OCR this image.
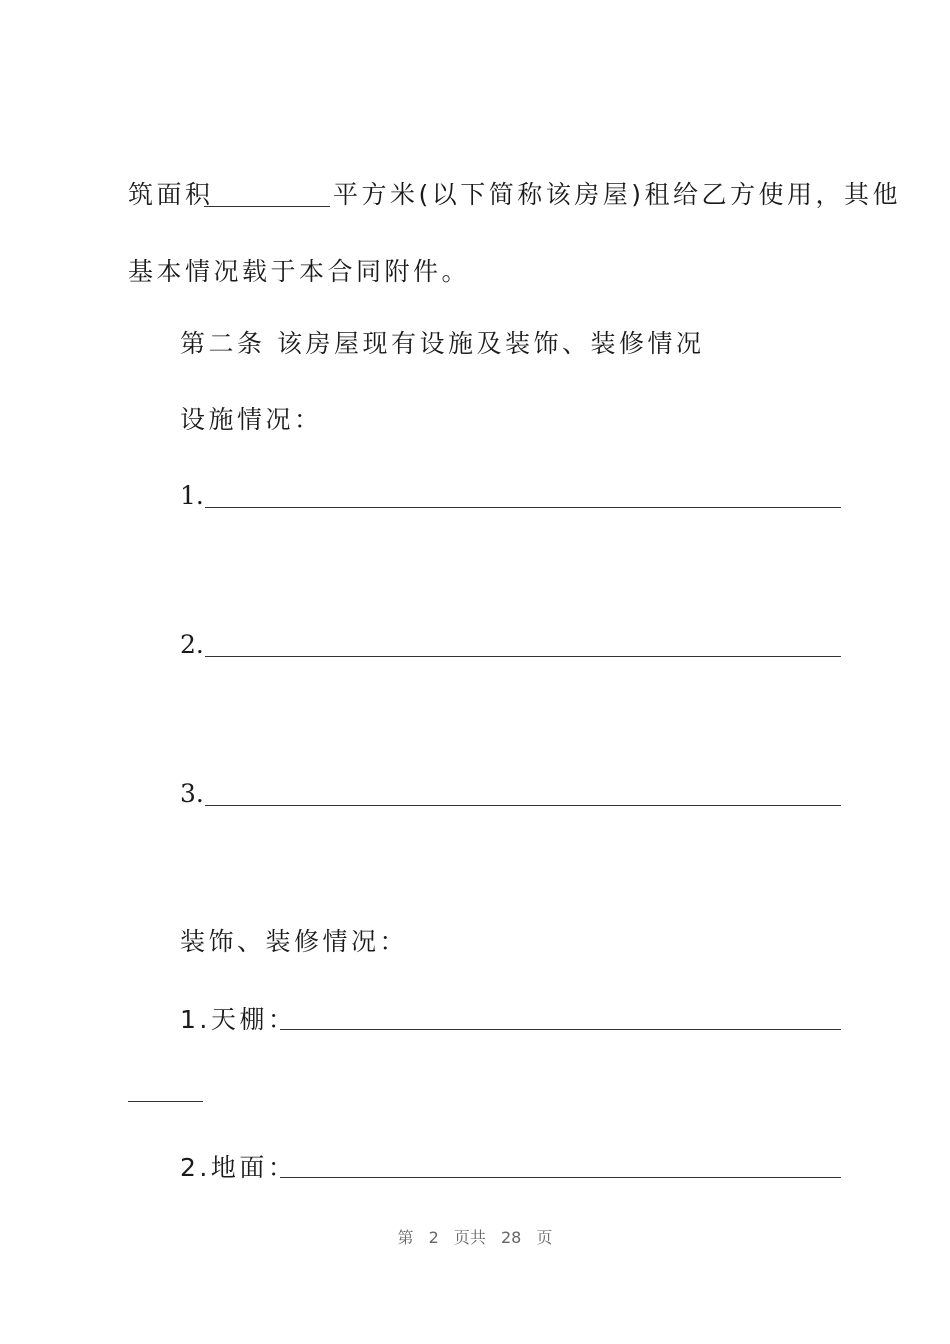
筑面积	平方米(以下简称该房屋)租给乙方使用，其他
基本情况载于本合同附件。
第二条 该房屋现有设施及装饰、装修情况
设施情况：
1.
2.
3.
装饰、装修情况：
1.天棚：
2.地面：
第 2 页共 28 页
